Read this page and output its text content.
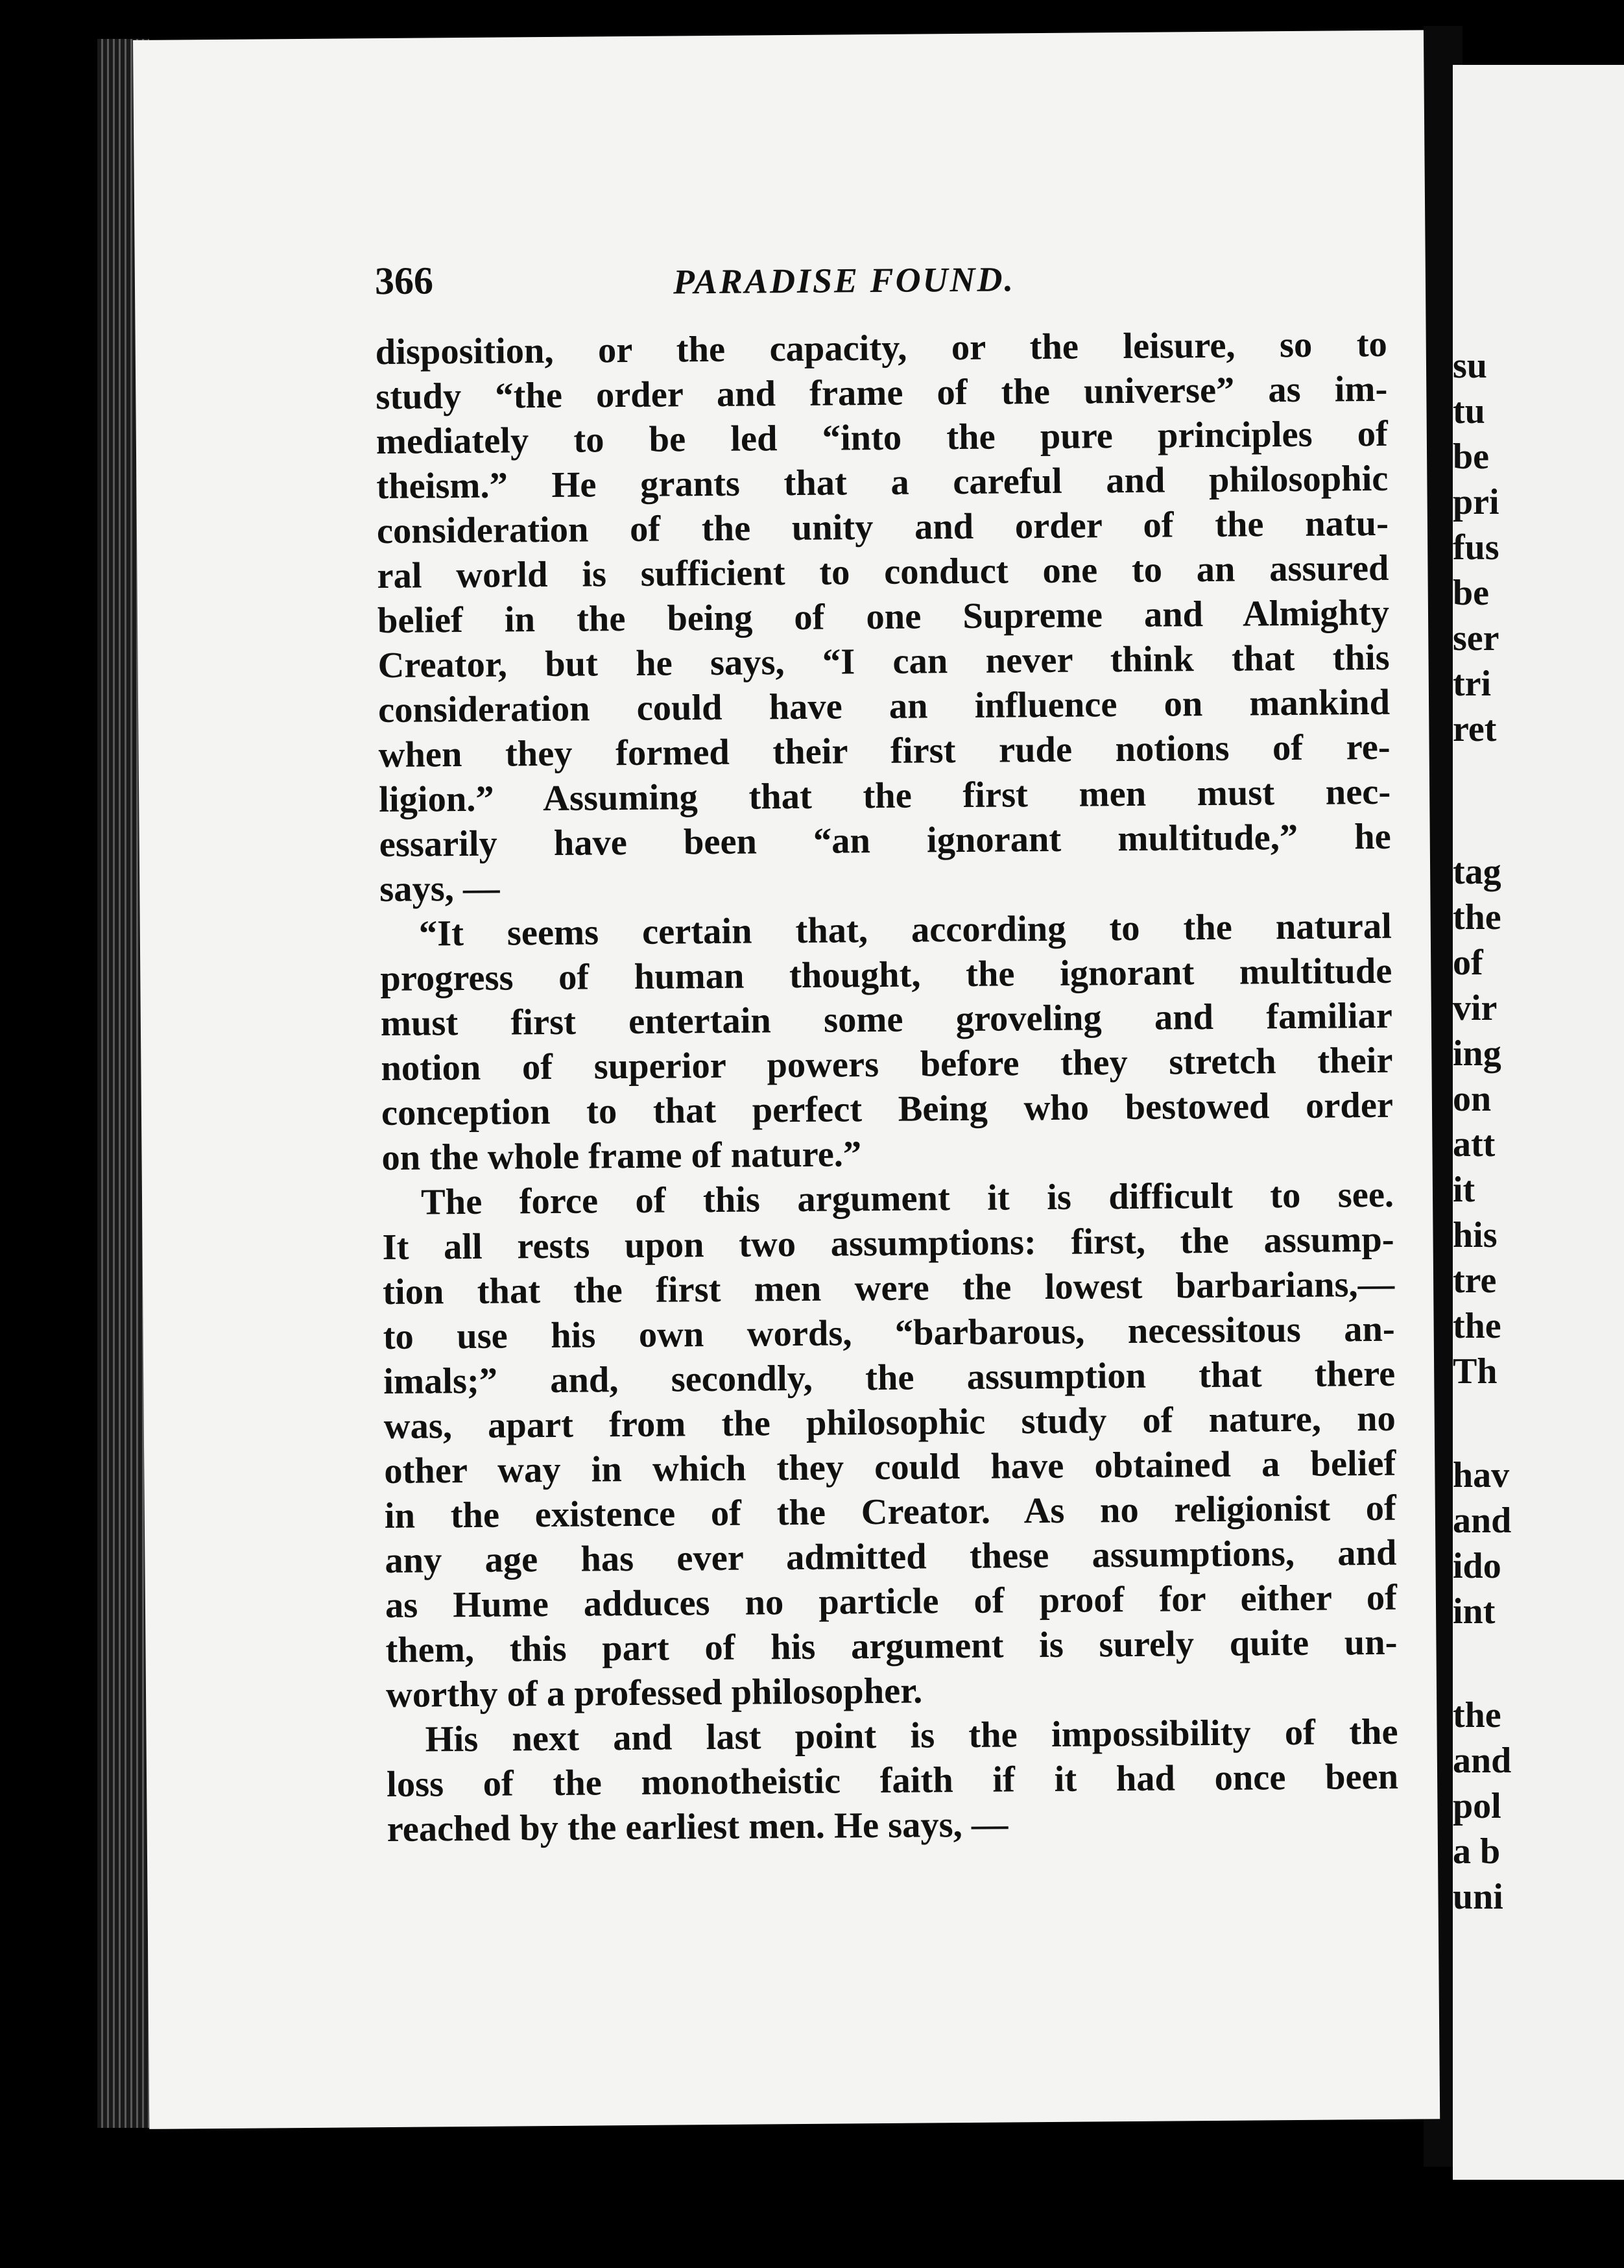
su
tu
be
pri
fus
be
ser
tri
ret
tag
the
of
vir
ing
on
att
it
his
tre
the
Th
hav
and
ido
int
the
and
pol
a b
uni
366	PARADISE FOUND.
disposition, or the capacity, or the leisure, so to
study “the order and frame of the universe” as im-
mediately to be led “into the pure principles of
theism.” He grants that a careful and philosophic
consideration of the unity and order of the natu-
ral world is sufficient to conduct one to an assured
belief in the being of one Supreme and Almighty
Creator, but he says, “I can never think that this
consideration could have an influence on mankind
when they formed their first rude notions of re-
ligion.” Assuming that the first men must nec-
essarily have been “an ignorant multitude,” he
says, —
“It seems certain that, according to the natural
progress of human thought, the ignorant multitude
must first entertain some groveling and familiar
notion of superior powers before they stretch their
conception to that perfect Being who bestowed order
on the whole frame of nature.”
The force of this argument it is difficult to see.
It all rests upon two assumptions: first, the assump-
tion that the first men were the lowest barbarians,—
to use his own words, “barbarous, necessitous an-
imals;” and, secondly, the assumption that there
was, apart from the philosophic study of nature, no
other way in which they could have obtained a belief
in the existence of the Creator. As no religionist of
any age has ever admitted these assumptions, and
as Hume adduces no particle of proof for either of
them, this part of his argument is surely quite un-
worthy of a professed philosopher.
His next and last point is the impossibility of the
loss of the monotheistic faith if it had once been
reached by the earliest men. He says, —
